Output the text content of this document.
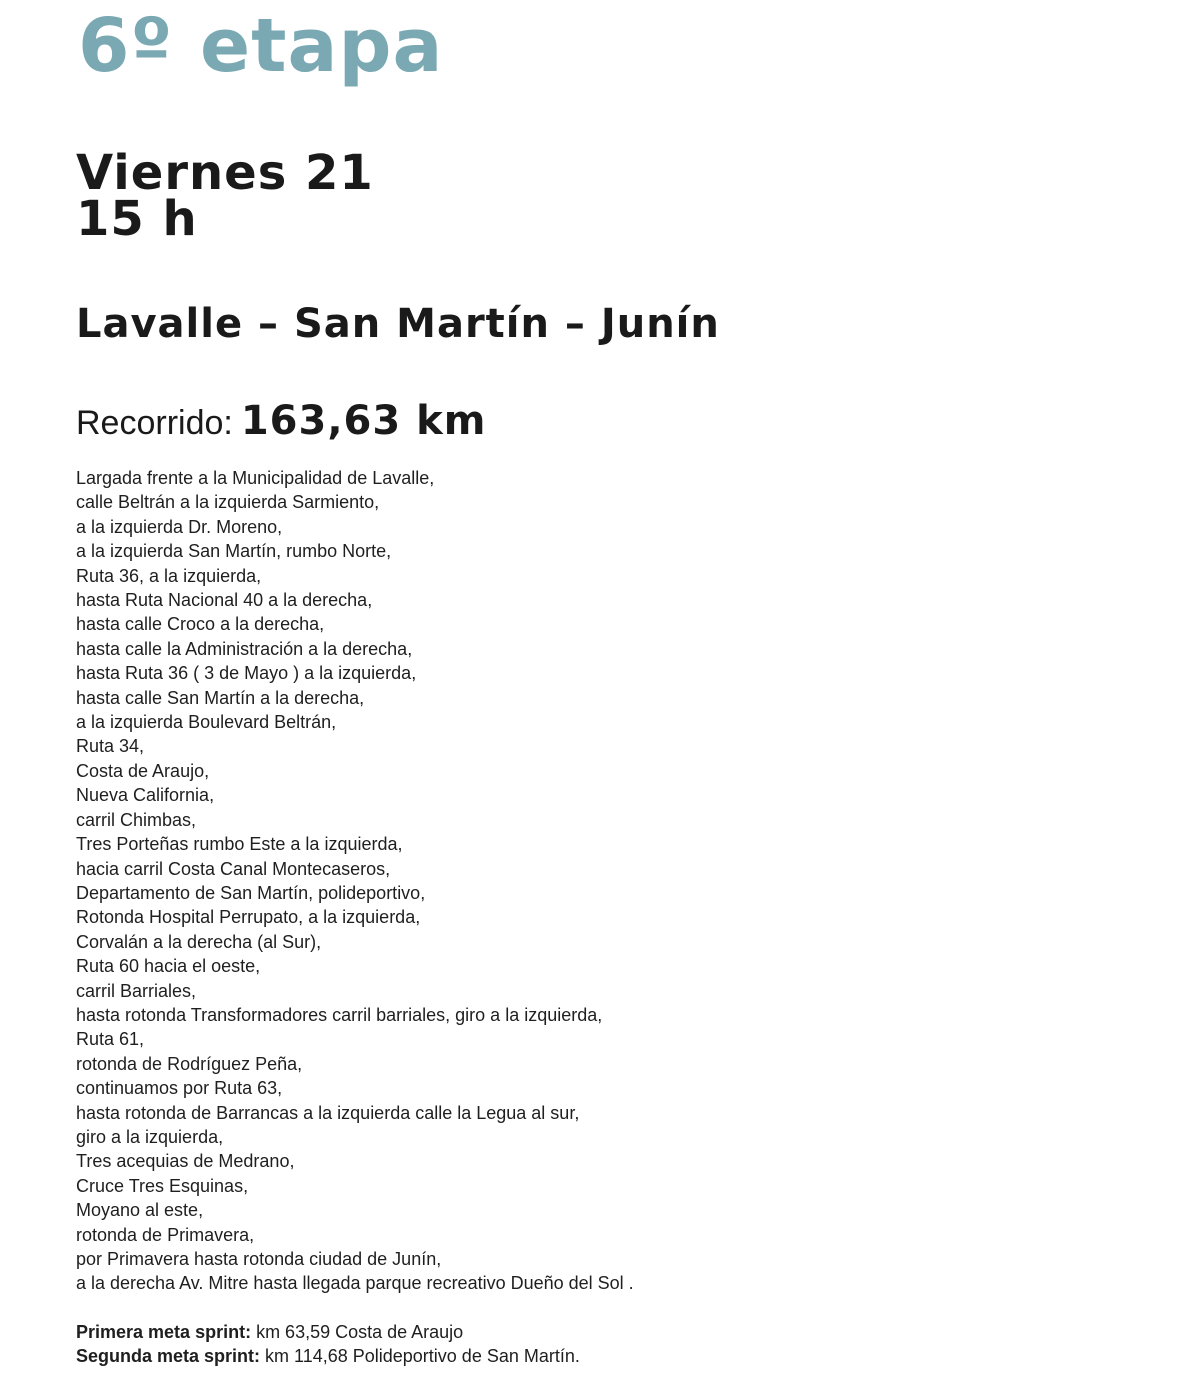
6º etapa
Viernes 21
15 h
Lavalle – San Martín – Junín
Recorrido: 163,63 km
Largada frente a la Municipalidad de Lavalle,
calle Beltrán a la izquierda Sarmiento,
a la izquierda Dr. Moreno,
a la izquierda San Martín, rumbo Norte,
Ruta 36, a la izquierda,
hasta Ruta Nacional 40 a la derecha,
hasta calle Croco a la derecha,
hasta calle la Administración a la derecha,
hasta Ruta 36 ( 3 de Mayo ) a la izquierda,
hasta calle San Martín a la derecha,
a la izquierda Boulevard Beltrán,
Ruta 34,
Costa de Araujo,
Nueva California,
carril Chimbas,
Tres Porteñas rumbo Este a la izquierda,
hacia carril Costa Canal Montecaseros,
Departamento de San Martín, polideportivo,
Rotonda Hospital Perrupato, a la izquierda,
Corvalán a la derecha (al Sur),
Ruta 60 hacia el oeste,
carril Barriales,
hasta rotonda Transformadores carril barriales, giro a la izquierda,
Ruta 61,
rotonda de Rodríguez Peña,
continuamos por Ruta 63,
hasta rotonda de Barrancas a la izquierda calle la Legua al sur,
giro a la izquierda,
Tres acequias de Medrano,
Cruce Tres Esquinas,
Moyano al este,
rotonda de Primavera,
por Primavera hasta rotonda ciudad de Junín,
a la derecha Av. Mitre hasta llegada parque recreativo Dueño del Sol .
Primera meta sprint: km 63,59 Costa de Araujo
Segunda meta sprint: km 114,68 Polideportivo de San Martín.
